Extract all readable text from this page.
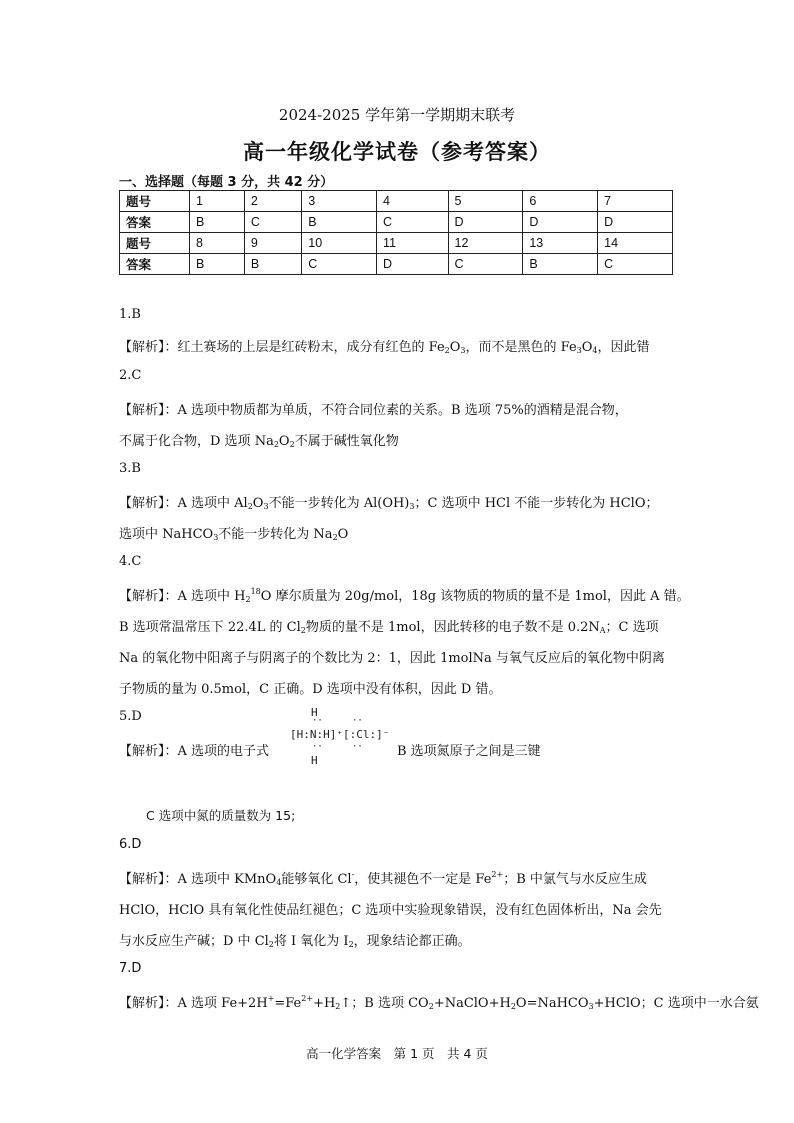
2024-2025 学年第一学期期末联考
高一年级化学试卷（参考答案）
一、选择题（每题 3 分，共 42 分）
题号	1	2	3	4	5	6	7
答案	B	C	B	C	D	D	D
题号	8	9	10	11	12	13	14
答案	B	B	C	D	C	B	C
1.B
【解析】：红土赛场的上层是红砖粉末，成分有红色的 $Fe_2O_3$，而不是黑色的 $Fe_3O_4$，因此错
2.C
【解析】：A 选项中物质都为单质，不符合同位素的关系。B 选项 75%的酒精是混合物，
不属于化合物，D 选项 $Na_2O_2$不属于碱性氧化物
3.B
【解析】：A 选项中 $Al_2O_3$不能一步转化为 $Al(OH)_3$；C 选项中 HCl 不能一步转化为 HClO；
选项中 NaHCO$_3$不能一步转化为 $Na_2O$
4.C
【解析】：A 选项中 $H_2^{18}O$ 摩尔质量为 20g/mol，18g 该物质的物质的量不是 1mol，因此 A 错。
B 选项常温常压下 22.4L 的 $Cl_2$物质的量不是 1mol，因此转移的电子数不是 $0.2N_A$；C 选项
Na 的氧化物中阳离子与阴离子的个数比为 2：1，因此 1molNa 与氧气反应后的氧化物中阴离
子物质的量为 0.5mol，C 正确。D 选项中没有体积，因此 D 错。
5.D
【解析】：A 选项的电子式
H
··	··
[H:N:H]⁺[:Cl:]⁻
··	··
H
B 选项氮原子之间是三键
C 选项中氮的质量数为 15;
6.D
【解析】：A 选项中 KMnO$_4$能够氧化 Cl-，使其褪色不一定是 $Fe^{2+}$；B 中氯气与水反应生成
HClO，HClO 具有氧化性使品红褪色；C 选项中实验现象错误，没有红色固体析出，Na 会先
与水反应生产碱；D 中 $Cl_2$将 I 氧化为 $I_2$，现象结论都正确。
7.D
【解析】：A 选项 $Fe+2H^+=Fe^{2+}+H_2↑$；B 选项 $CO_2+NaClO+H_2O=NaHCO_3+HClO$；C 选项中一水合氨
高一化学答案　第 1 页　共 4 页
